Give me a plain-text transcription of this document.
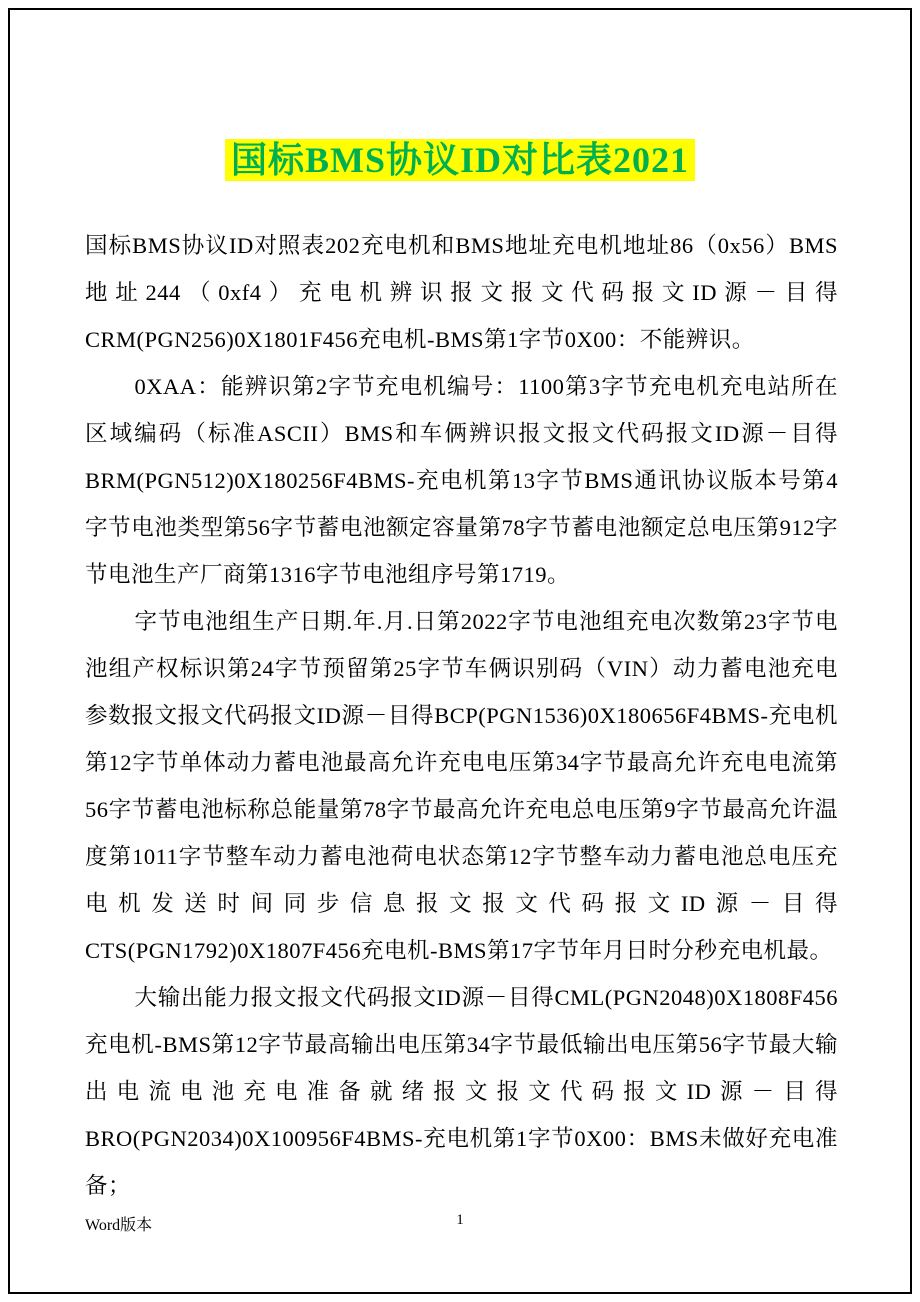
国标BMS协议ID对比表2021

国标BMS协议ID对照表202充电机和BMS地址充电机地址86（0x56）BMS地址244（0xf4）充电机辨识报文报文代码报文ID源－目得CRM(PGN256)0X1801F456充电机-BMS第1字节0X00：不能辨识。

0XAA：能辨识第2字节充电机编号：1100第3字节充电机充电站所在区域编码（标准ASCII）BMS和车俩辨识报文报文代码报文ID源－目得BRM(PGN512)0X180256F4BMS-充电机第13字节BMS通讯协议版本号第4字节电池类型第56字节蓄电池额定容量第78字节蓄电池额定总电压第912字节电池生产厂商第1316字节电池组序号第1719。

字节电池组生产日期.年.月.日第2022字节电池组充电次数第23字节电池组产权标识第24字节预留第25字节车俩识别码（VIN）动力蓄电池充电参数报文报文代码报文ID源－目得BCP(PGN1536)0X180656F4BMS-充电机第12字节单体动力蓄电池最高允许充电电压第34字节最高允许充电电流第56字节蓄电池标称总能量第78字节最高允许充电总电压第9字节最高允许温度第1011字节整车动力蓄电池荷电状态第12字节整车动力蓄电池总电压充电机发送时间同步信息报文报文代码报文ID源－目得CTS(PGN1792)0X1807F456充电机-BMS第17字节年月日时分秒充电机最。

大输出能力报文报文代码报文ID源－目得CML(PGN2048)0X1808F456充电机-BMS第12字节最高输出电压第34字节最低输出电压第56字节最大输出电流电池充电准备就绪报文报文代码报文ID源－目得BRO(PGN2034)0X100956F4BMS-充电机第1字节0X00：BMS未做好充电准备；

Word版本	1
